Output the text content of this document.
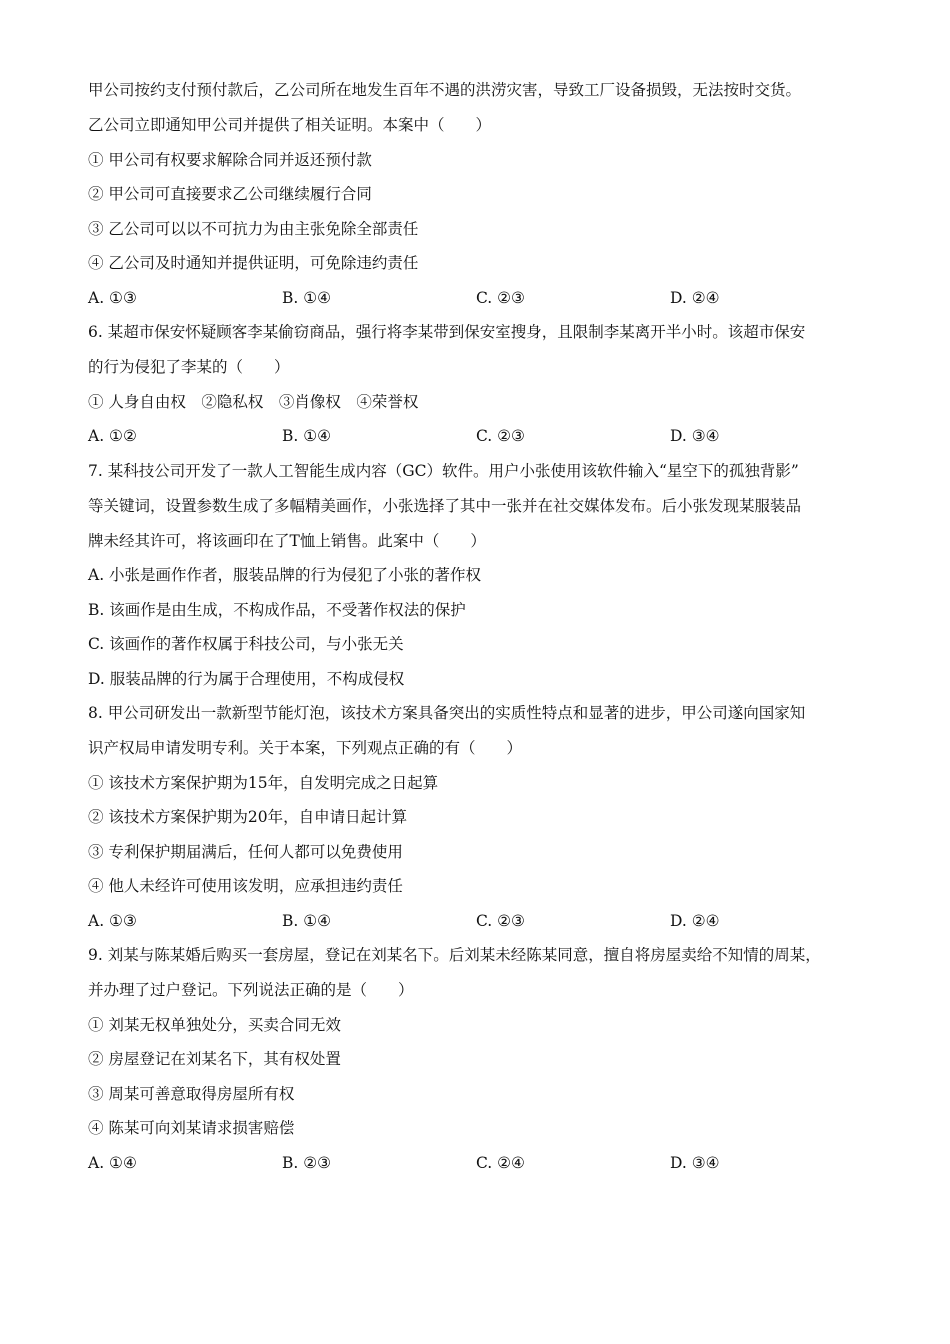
甲公司按约支付预付款后，乙公司所在地发生百年不遇的洪涝灾害，导致工厂设备损毁，无法按时交货。

乙公司立即通知甲公司并提供了相关证明。本案中（　　）

① 甲公司有权要求解除合同并返还预付款

② 甲公司可直接要求乙公司继续履行合同

③ 乙公司可以以不可抗力为由主张免除全部责任

④ 乙公司及时通知并提供证明，可免除违约责任

A. ①③	B. ①④	C. ②③	D. ②④

6. 某超市保安怀疑顾客李某偷窃商品，强行将李某带到保安室搜身，且限制李某离开半小时。该超市保安

的行为侵犯了李某的（　　）

① 人身自由权　②隐私权　③肖像权　④荣誉权

A. ①②	B. ①④	C. ②③	D. ③④

7. 某科技公司开发了一款人工智能生成内容（GC）软件。用户小张使用该软件输入“星空下的孤独背影”

等关键词，设置参数生成了多幅精美画作，小张选择了其中一张并在社交媒体发布。后小张发现某服装品

牌未经其许可，将该画印在了T恤上销售。此案中（　　）

A. 小张是画作作者，服装品牌的行为侵犯了小张的著作权

B. 该画作是由生成，不构成作品，不受著作权法的保护

C. 该画作的著作权属于科技公司，与小张无关

D. 服装品牌的行为属于合理使用，不构成侵权

8. 甲公司研发出一款新型节能灯泡，该技术方案具备突出的实质性特点和显著的进步，甲公司遂向国家知

识产权局申请发明专利。关于本案，下列观点正确的有（　　）

① 该技术方案保护期为15年，自发明完成之日起算

② 该技术方案保护期为20年，自申请日起计算

③ 专利保护期届满后，任何人都可以免费使用

④ 他人未经许可使用该发明，应承担违约责任

A. ①③	B. ①④	C. ②③	D. ②④

9. 刘某与陈某婚后购买一套房屋，登记在刘某名下。后刘某未经陈某同意，擅自将房屋卖给不知情的周某，

并办理了过户登记。下列说法正确的是（　　）

① 刘某无权单独处分，买卖合同无效

② 房屋登记在刘某名下，其有权处置

③ 周某可善意取得房屋所有权

④ 陈某可向刘某请求损害赔偿

A. ①④	B. ②③	C. ②④	D. ③④
